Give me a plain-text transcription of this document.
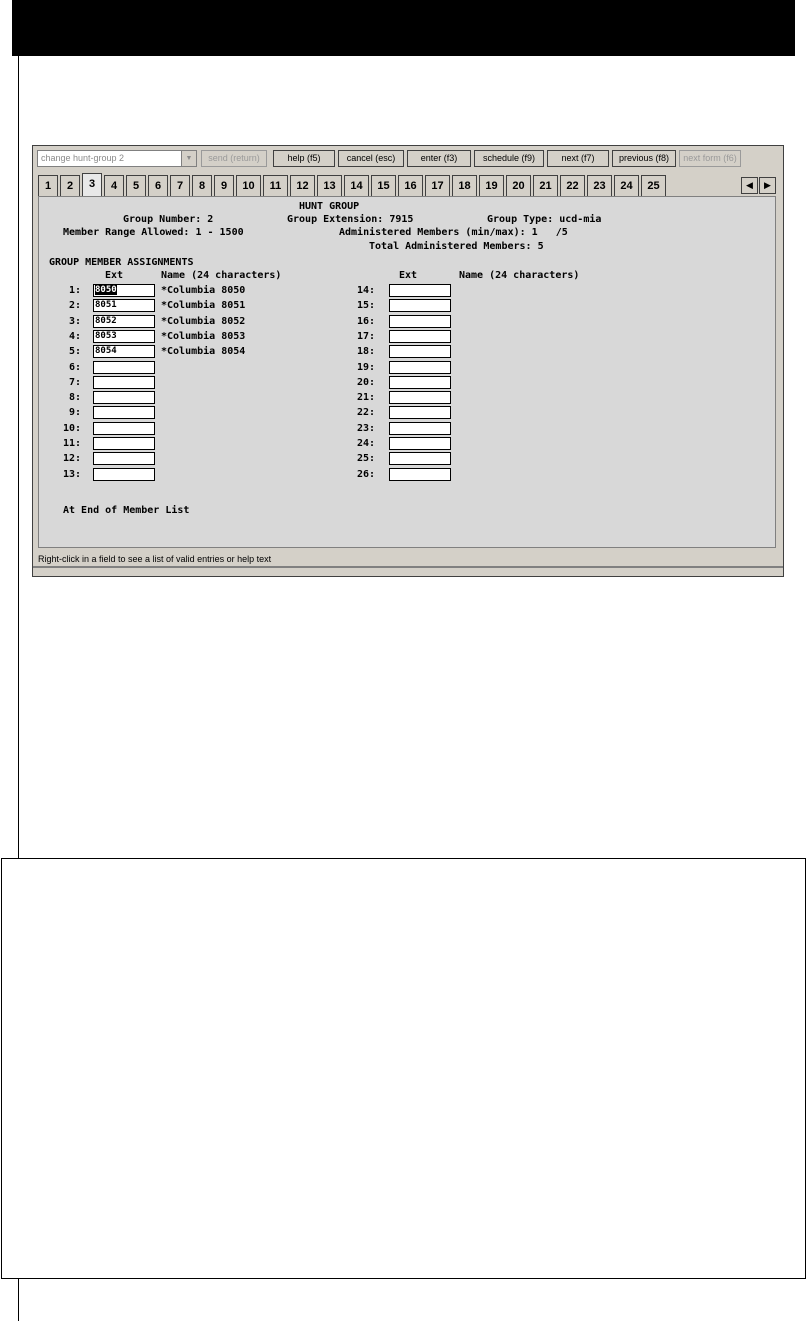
change hunt-group 2	▼	send (return)	help (f5)	cancel (esc)	enter (f3)	schedule (f9)	next (f7)	previous (f8)	next form (f6)
1	2	3	4	5	6	7	8	9	10	11	12	13	14	15	16	17	18	19	20	21	22	23	24	25	◀	▶
HUNT GROUP
Group Number: 2	Group Extension: 7915	Group Type: ucd-mia
Member Range Allowed: 1 - 1500	Administered Members (min/max): 1   /5
Total Administered Members: 5
GROUP MEMBER ASSIGNMENTS
Ext	Name (24 characters)	Ext	Name (24 characters)
At End of Member List
1: 8050	*Columbia 8050
2: 8051	*Columbia 8051
3: 8052	*Columbia 8052
4: 8053	*Columbia 8053
5: 8054	*Columbia 8054
6:
7:
8:
9:
10:
11:
12:
13:
14:
15:
16:
17:
18:
19:
20:
21:
22:
23:
24:
25:
26:
Right-click in a field to see a list of valid entries or help text
